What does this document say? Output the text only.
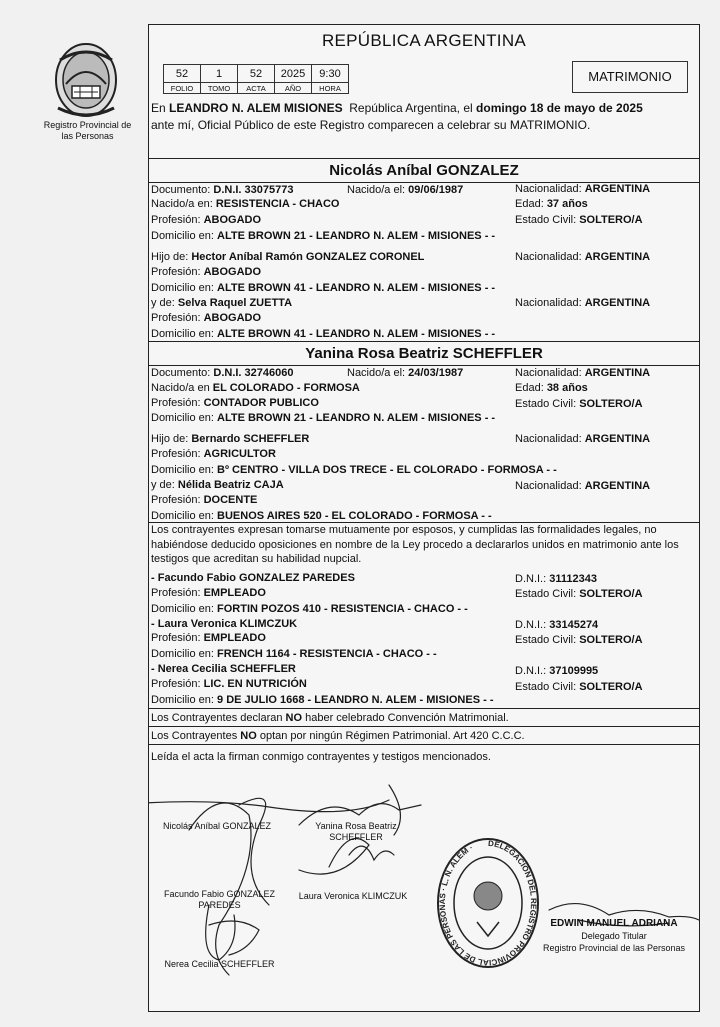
Registro Provincial de las Personas
REPÚBLICA ARGENTINA
52	1	52	2025	9:30
FOLIO	TOMO	ACTA	AÑO	HORA
MATRIMONIO
En LEANDRO N. ALEM MISIONES República Argentina, el domingo 18 de mayo de 2025
ante mí, Oficial Público de este Registro comparecen a celebrar su MATRIMONIO.
Nicolás Aníbal GONZALEZ
Documento: D.N.I. 33075773	Nacido/a el: 09/06/1987	Nacionalidad: ARGENTINA
Nacido/a en: RESISTENCIA - CHACO	Edad: 37 años
Profesión: ABOGADO	Estado Civil: SOLTERO/A
Domicilio en: ALTE BROWN 21 - LEANDRO N. ALEM - MISIONES - -
Hijo de: Hector Aníbal Ramón GONZALEZ CORONEL	Nacionalidad: ARGENTINA
Profesión: ABOGADO
Domicilio en: ALTE BROWN 41 - LEANDRO N. ALEM - MISIONES - -
y de: Selva Raquel ZUETTA	Nacionalidad: ARGENTINA
Profesión: ABOGADO
Domicilio en: ALTE BROWN 41 - LEANDRO N. ALEM - MISIONES - -
Yanina Rosa Beatriz SCHEFFLER
Documento: D.N.I. 32746060	Nacido/a el: 24/03/1987	Nacionalidad: ARGENTINA
Nacido/a en EL COLORADO - FORMOSA	Edad: 38 años
Profesión: CONTADOR PUBLICO	Estado Civil: SOLTERO/A
Domicilio en: ALTE BROWN 21 - LEANDRO N. ALEM - MISIONES - -
Hijo de: Bernardo SCHEFFLER	Nacionalidad: ARGENTINA
Profesión: AGRICULTOR
Domicilio en: Bº CENTRO - VILLA DOS TRECE - EL COLORADO - FORMOSA - -
y de: Nélida Beatriz CAJA	Nacionalidad: ARGENTINA
Profesión: DOCENTE
Domicilio en: BUENOS AIRES 520 - EL COLORADO - FORMOSA - -
Los contrayentes expresan tomarse mutuamente por esposos, y cumplidas las formalidades legales, no habiéndose deducido oposiciones en nombre de la Ley procedo a declararlos unidos en matrimonio ante los testigos que acreditan su habilidad nupcial.
- Facundo Fabio GONZALEZ PAREDES	D.N.I.: 31112343
Profesión: EMPLEADO	Estado Civil: SOLTERO/A
Domicilio en: FORTIN POZOS 410 - RESISTENCIA - CHACO - -
- Laura Veronica KLIMCZUK	D.N.I.: 33145274
Profesión: EMPLEADO	Estado Civil: SOLTERO/A
Domicilio en: FRENCH 1164 - RESISTENCIA - CHACO - -
- Nerea Cecilia SCHEFFLER	D.N.I.: 37109995
Profesión: LIC. EN NUTRICIÓN	Estado Civil: SOLTERO/A
Domicilio en: 9 DE JULIO 1668 - LEANDRO N. ALEM - MISIONES - -
Los Contrayentes declaran NO haber celebrado Convención Matrimonial.
Los Contrayentes NO optan por ningún Régimen Patrimonial. Art 420 C.C.C.
Leída el acta la firman conmigo contrayentes y testigos mencionados.
Nicolás Aníbal GONZALEZ	Yanina Rosa Beatriz
SCHEFFLER
Facundo Fabio GONZALEZ
PAREDES
Laura Veronica KLIMCZUK
Nerea Cecilia SCHEFFLER
DELEGACIÓN DEL REGISTRO PROVINCIAL DE LAS PERSONAS · L. N. ALEM ·
EDWIN MANUEL ADRIANA
Delegado Titular
Registro Provincial de las Personas
